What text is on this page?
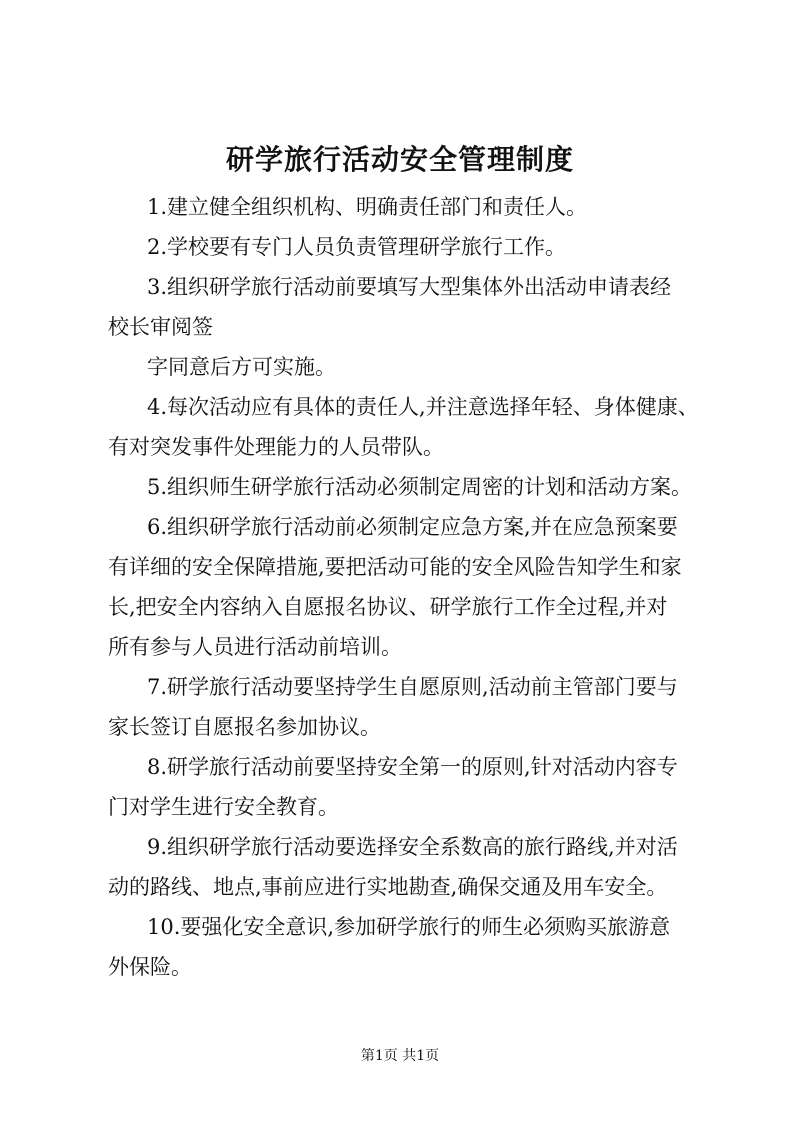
研学旅行活动安全管理制度
1.建立健全组织机构、明确责任部门和责任人。
2.学校要有专门人员负责管理研学旅行工作。
3.组织研学旅行活动前要填写大型集体外出活动申请表经
校长审阅签
字同意后方可实施。
4.每次活动应有具体的责任人,并注意选择年轻、身体健康、
有对突发事件处理能力的人员带队。
5.组织师生研学旅行活动必须制定周密的计划和活动方案。
6.组织研学旅行活动前必须制定应急方案,并在应急预案要
有详细的安全保障措施,要把活动可能的安全风险告知学生和家
长,把安全内容纳入自愿报名协议、研学旅行工作全过程,并对
所有参与人员进行活动前培训。
7.研学旅行活动要坚持学生自愿原则,活动前主管部门要与
家长签订自愿报名参加协议。
8.研学旅行活动前要坚持安全第一的原则,针对活动内容专
门对学生进行安全教育。
9.组织研学旅行活动要选择安全系数高的旅行路线,并对活
动的路线、地点,事前应进行实地勘查,确保交通及用车安全。
10.要强化安全意识,参加研学旅行的师生必须购买旅游意
外保险。
第1页 共1页
